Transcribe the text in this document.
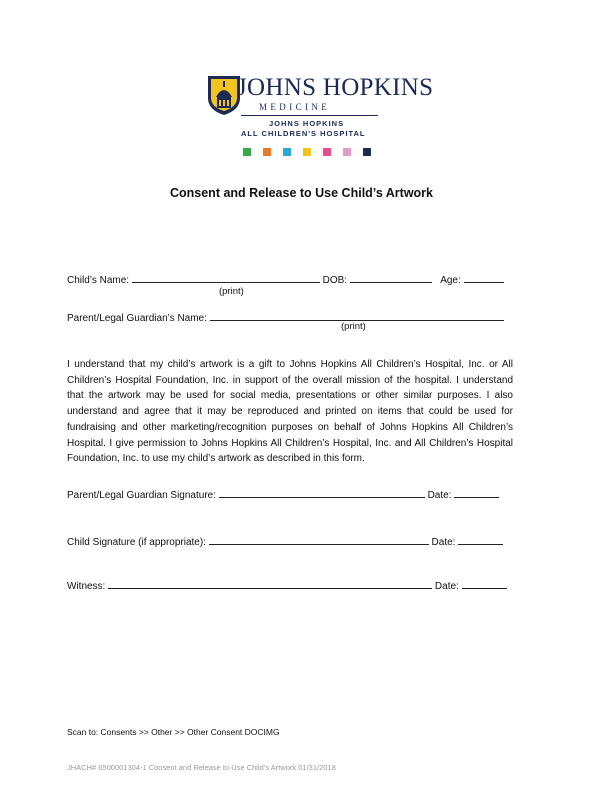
JOHNS HOPKINS
MEDICINE
JOHNS HOPKINS
ALL CHILDREN'S HOSPITAL
Consent and Release to Use Child’s Artwork
Child’s Name:	DOB:	Age:
(print)
Parent/Legal Guardian’s Name:
(print)
I understand that my child’s artwork is a gift to Johns Hopkins All Children’s Hospital, Inc. or All Children’s Hospital Foundation, Inc. in support of the overall mission of the hospital. I understand that the artwork may be used for social media, presentations or other similar purposes. I also understand and agree that it may be reproduced and printed on items that could be used for fundraising and other marketing/recognition purposes on behalf of Johns Hopkins All Children’s Hospital. I give permission to Johns Hopkins All Children’s Hospital, Inc. and All Children’s Hospital Foundation, Inc. to use my child’s artwork as described in this form.
Parent/Legal Guardian Signature:	Date:
Child Signature (if appropriate):	Date:
Witness:	Date:
Scan to: Consents >> Other >> Other Consent DOCIMG
JHACH# 6500001304-1 Consent and Release to Use Child’s Artwork 01/31/2018
